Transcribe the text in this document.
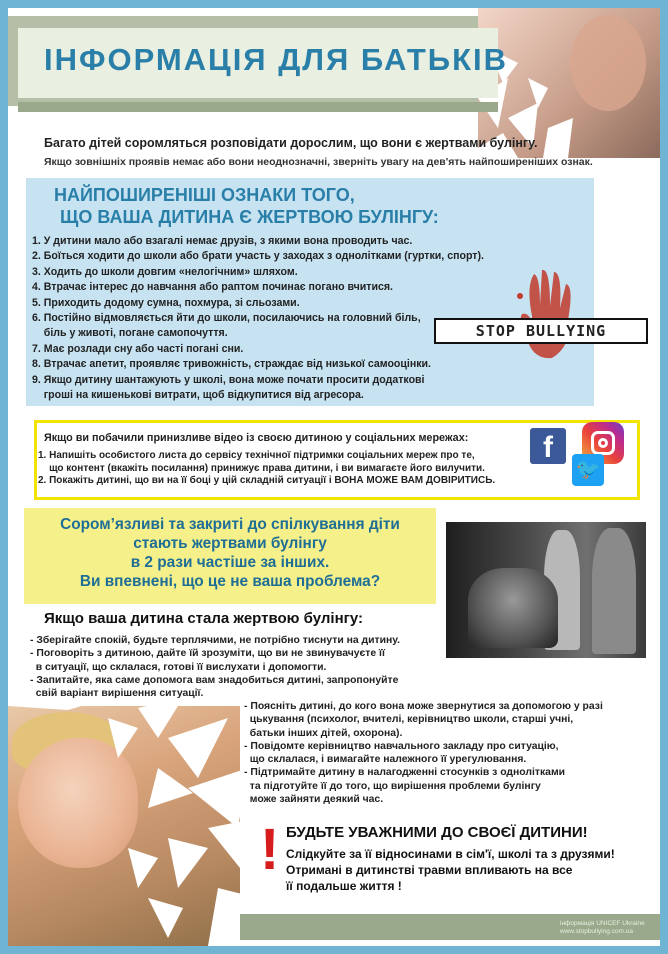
ІНФОРМАЦІЯ ДЛЯ БАТЬКІВ
Багато дітей соромляться розповідати дорослим, що вони є жертвами булінгу.
Якщо зовнішніх проявів немає або вони неоднозначні, зверніть увагу на дев'ять найпоширеніших ознак.
НАЙПОШИРЕНІШІ ОЗНАКИ ТОГО,
ЩО ВАША ДИТИНА Є ЖЕРТВОЮ БУЛІНГУ:
1. У дитини мало або взагалі немає друзів, з якими вона проводить час.
2. Боїться ходити до школи або брати участь у заходах з однолітками (гуртки, спорт).
3. Ходить до школи довгим «нелогічним» шляхом.
4. Втрачає інтерес до навчання або раптом починає погано вчитися.
5. Приходить додому сумна, похмура, зі сльозами.
6. Постійно відмовляється йти до школи, посилаючись на головний біль,
біль у животі, погане самопочуття.
7. Має розлади сну або часті погані сни.
8. Втрачає апетит, проявляє тривожність, страждає від низької самооцінки.
9. Якщо дитину шантажують у школі, вона може почати просити додаткові
гроші на кишенькові витрати, щоб відкупитися від агресора.
STOP BULLYING
Якщо ви побачили принизливе відео із своєю дитиною у соціальних мережах:
1. Напишіть особистого листа до сервісу технічної підтримки соціальних мереж про те,
що контент (вкажіть посилання) принижує права дитини, і ви вимагаєте його вилучити.
2. Покажіть дитині, що ви на її боці у цій складній ситуації і ВОНА МОЖЕ ВАМ ДОВІРИТИСЬ.
f
🐦
Сором’язливі та закриті до спілкування діти
стають жертвами булінгу
в 2 рази частіше за інших.
Ви впевнені, що це не ваша проблема?
Якщо ваша дитина стала жертвою булінгу:
- Зберігайте спокій, будьте терплячими, не потрібно тиснути на дитину.
- Поговоріть з дитиною, дайте їй зрозуміти, що ви не звинувачуєте її
в ситуації, що склалася, готові її вислухати і допомогти.
- Запитайте, яка саме допомога вам знадобиться дитині, запропонуйте
свій варіант вирішення ситуації.
- Поясніть дитині, до кого вона може звернутися за допомогою у разі
цькування (психолог, вчителі, керівництво школи, старші учні,
батьки інших дітей, охорона).
- Повідомте керівництво навчального закладу про ситуацію,
що склалася, і вимагайте належного її урегулювання.
- Підтримайте дитину в налагодженні стосунків з однолітками
та підготуйте її до того, що вирішення проблеми булінгу
може зайняти деякий час.
! БУДЬТЕ УВАЖНИМИ ДО СВОЄЇ ДИТИНИ!
Слідкуйте за її відносинами в сім'ї, школі та з друзями!
Отримані в дитинстві травми впливають на все
її подальше життя !
інформація UNICEF Ukraine
www.stopbullying.com.ua
